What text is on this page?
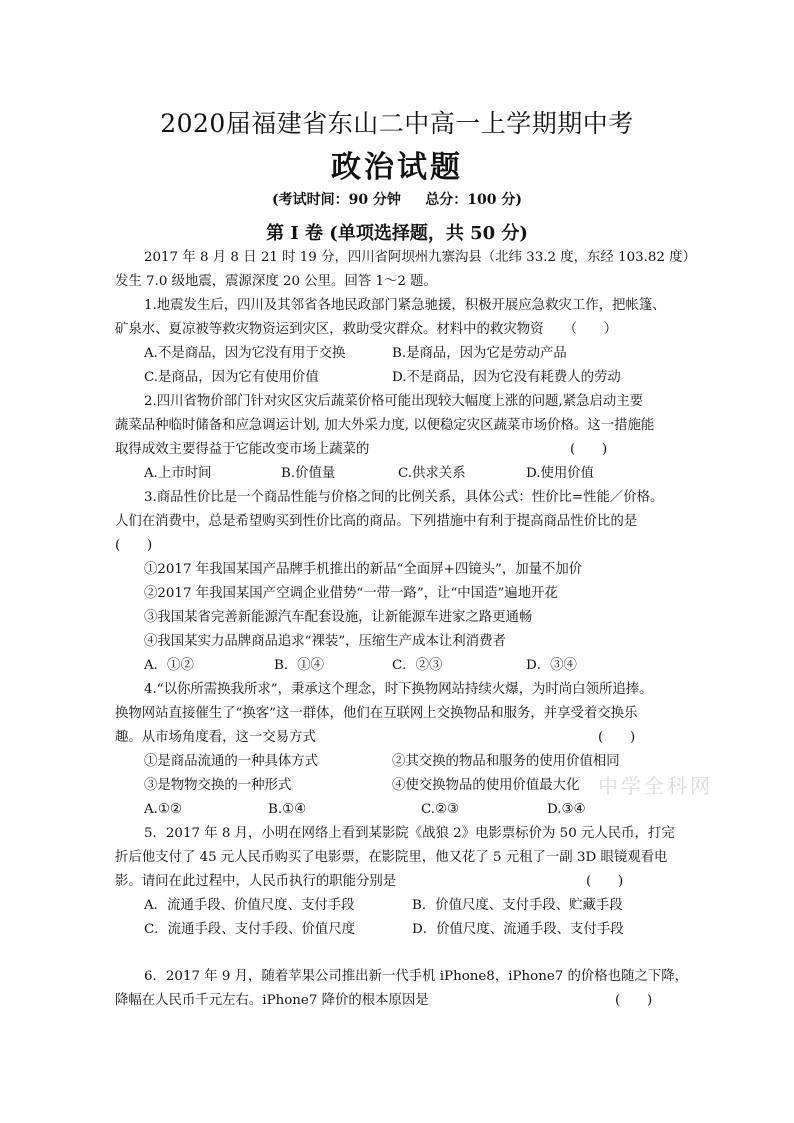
2020届福建省东山二中高一上学期期中考
政治试题
(考试时间：90 分钟     总分：100 分)
第 I 卷 (单项选择题，共 50 分)
2017 年 8 月 8 日 21 时 19 分，四川省阿坝州九寨沟县（北纬 33.2 度，东经 103.82 度）
发生 7.0 级地震，震源深度 20 公里。回答 1～2 题。
1.地震发生后，四川及其邻省各地民政部门紧急驰援，积极开展应急救灾工作，把帐篷、
矿泉水、夏凉被等救灾物资运到灾区，救助受灾群众。材料中的救灾物资　　（　　）
A.不是商品，因为它没有用于交换	B.是商品，因为它是劳动产品
C.是商品，因为它有使用价值	D.不是商品，因为它没有耗费人的劳动
2.四川省物价部门针对灾区灾后蔬菜价格可能出现较大幅度上涨的问题,紧急启动主要
蔬菜品种临时储备和应急调运计划, 加大外采力度, 以便稳定灾区蔬菜市场价格。这一措施能
取得成效主要得益于它能改变市场上蔬菜的	(　　)
A.上市时间	B.价值量	C.供求关系	D.使用价值
3.商品性价比是一个商品性能与价格之间的比例关系，具体公式：性价比=性能／价格。
人们在消费中，总是希望购买到性价比高的商品。下列措施中有利于提高商品性价比的是
(　　)
①2017 年我国某国产品牌手机推出的新品“全面屏+四镜头”，加量不加价
②2017 年我国某国产空调企业借势“一带一路”，让“中国造”遍地开花
③我国某省完善新能源汽车配套设施，让新能源车进家之路更通畅
④我国某实力品牌商品追求“裸装”，压缩生产成本让利消费者
A．①②	B．①④	C．②③	D．③④
4.“以你所需换我所求”，秉承这个理念，时下换物网站持续火爆，为时尚白领所追捧。
换物网站直接催生了“换客”这一群体，他们在互联网上交换物品和服务，并享受着交换乐
趣。从市场角度看，这一交易方式	(　　)
①是商品流通的一种具体方式	②其交换的物品和服务的使用价值相同
③是物物交换的一种形式	④使交换物品的使用价值最大化
A.①②	B.①④	C.②③	D.③④
5．2017 年 8 月，小明在网络上看到某影院《战狼 2》电影票标价为 50 元人民币，打完
折后他支付了 45 元人民币购买了电影票，在影院里，他又花了 5 元租了一副 3D 眼镜观看电
影。请问在此过程中，人民币执行的职能分别是	(　　)
A．流通手段、价值尺度、支付手段	B．价值尺度、支付手段、贮藏手段
C．流通手段、支付手段、价值尺度	D．价值尺度、流通手段、支付手段
6．2017 年 9 月，随着苹果公司推出新一代手机 iPhone8，iPhone7 的价格也随之下降，
降幅在人民币千元左右。iPhone7 降价的根本原因是	(　　)
中学全科网
